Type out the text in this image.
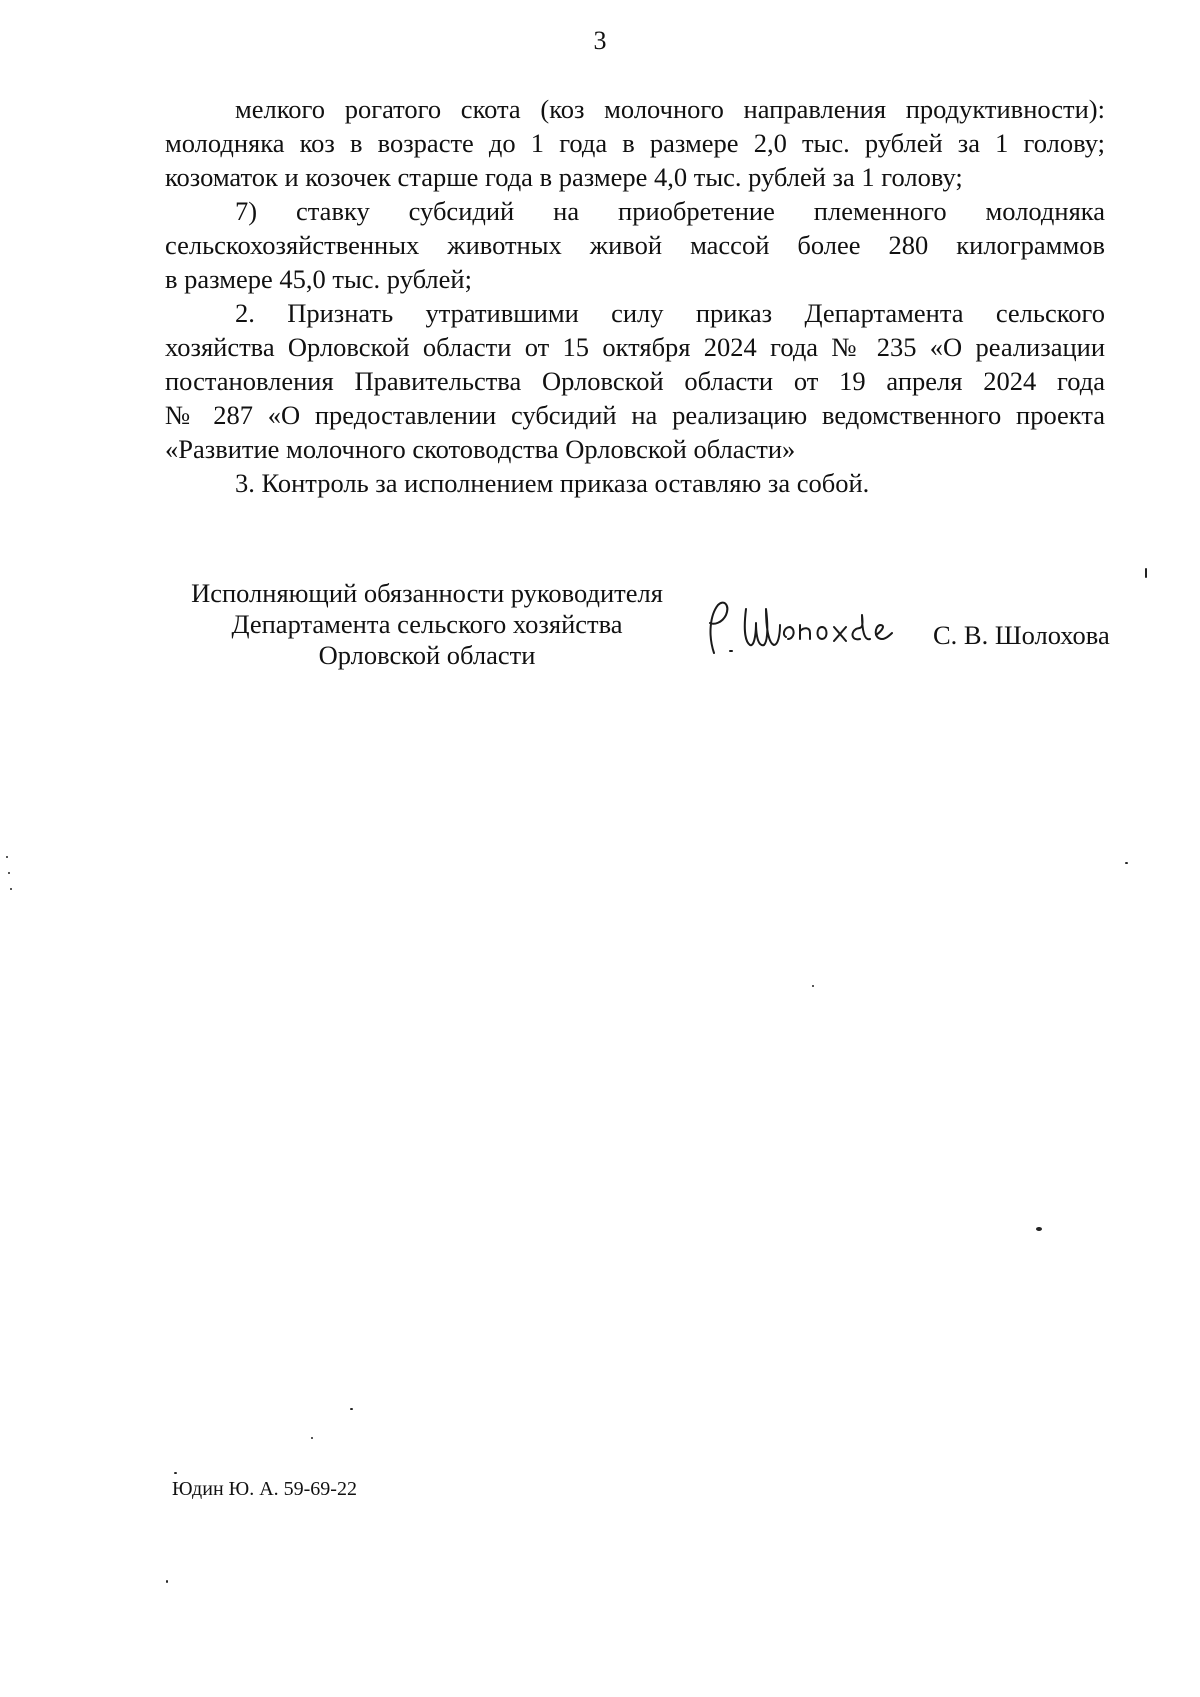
3
мелкого рогатого скота (коз молочного направления продуктивности):
молодняка коз в возрасте до 1 года в размере 2,0 тыс. рублей за 1 голову;
козоматок и козочек старше года в размере 4,0 тыс. рублей за 1 голову;
7) ставку субсидий на приобретение племенного молодняка
сельскохозяйственных животных живой массой более 280 килограммов
в размере 45,0 тыс. рублей;
2. Признать утратившими силу приказ Департамента сельского
хозяйства Орловской области от 15 октября 2024 года № 235 «О реализации
постановления Правительства Орловской области от 19 апреля 2024 года
№ 287 «О предоставлении субсидий на реализацию ведомственного проекта
«Развитие молочного скотоводства Орловской области»
3. Контроль за исполнением приказа оставляю за собой.
Исполняющий обязанности руководителя
Департамента сельского хозяйства
Орловской области
С. В. Шолохова
Юдин Ю. А. 59-69-22
